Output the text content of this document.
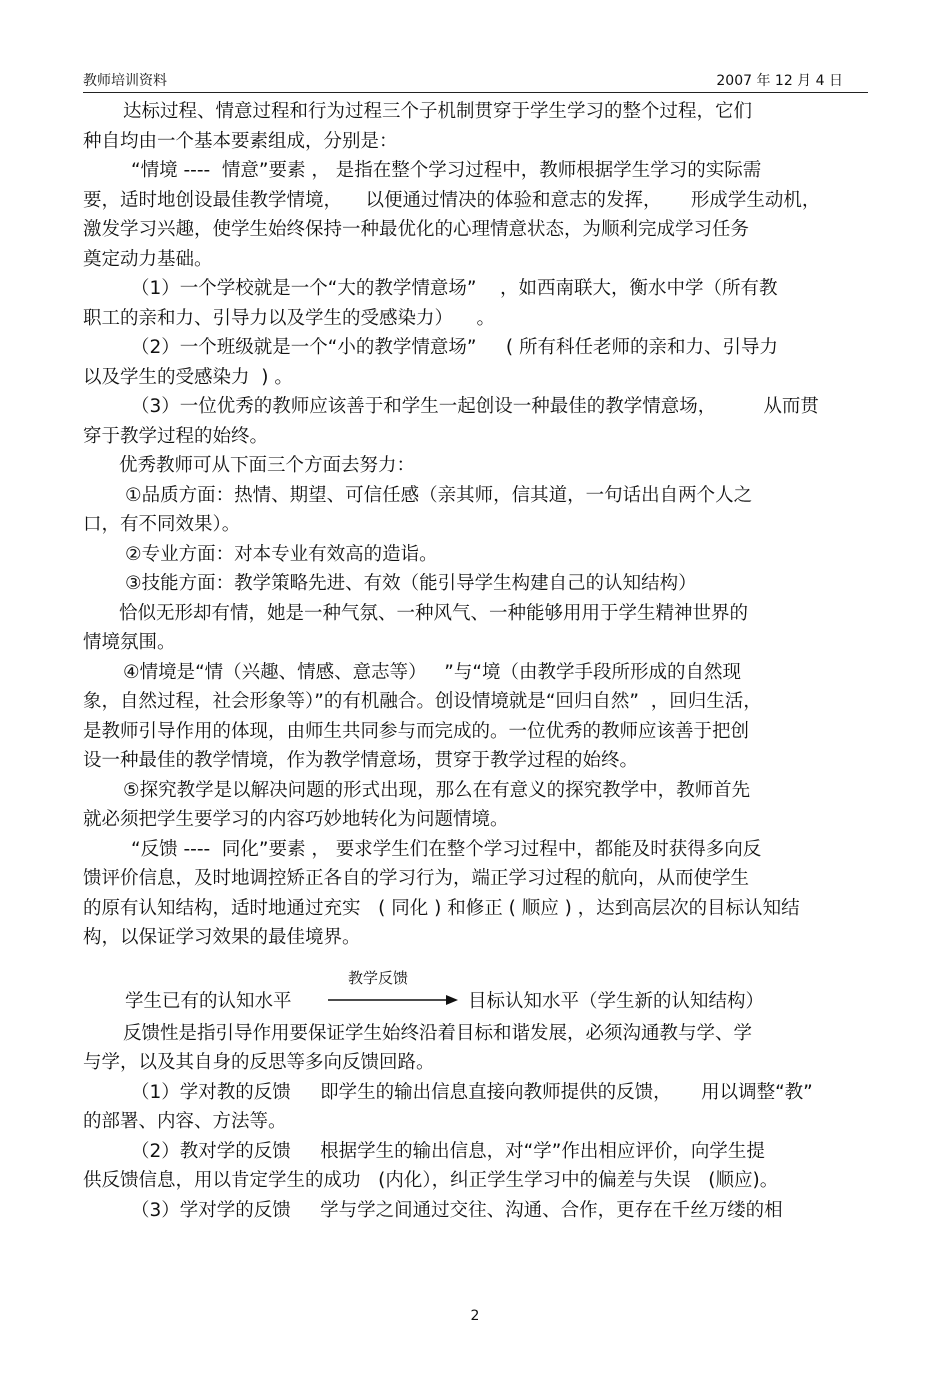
教师培训资料	2007 年 12 月 4 日
达标过程、情意过程和行为过程三个子机制贯穿于学生学习的整个过程，它们
种自均由一个基本要素组成，分别是：
“情境 ----  情意”要素 ， 是指在整个学习过程中，教师根据学生学习的实际需
要，适时地创设最佳教学情境，    以便通过情决的体验和意志的发挥，     形成学生动机，
激发学习兴趣，使学生始终保持一种最优化的心理情意状态，为顺利完成学习任务
奠定动力基础。
（1）一个学校就是一个“大的教学情意场”    ，如西南联大，衡水中学（所有教
职工的亲和力、引导力以及学生的受感染力）    。
（2）一个班级就是一个“小的教学情意场”     ( 所有科任老师的亲和力、引导力
以及学生的受感染力  ) 。
（3）一位优秀的教师应该善于和学生一起创设一种最佳的教学情意场，        从而贯
穿于教学过程的始终。
优秀教师可从下面三个方面去努力：
①品质方面：热情、期望、可信任感（亲其师，信其道，一句话出自两个人之
口，有不同效果）。
②专业方面：对本专业有效高的造诣。
③技能方面：教学策略先进、有效（能引导学生构建自己的认知结构）
恰似无形却有情，她是一种气氛、一种风气、一种能够用用于学生精神世界的
情境氛围。
④情境是“情（兴趣、情感、意志等）   ”与“境（由教学手段所形成的自然现
象，自然过程，社会形象等）”的有机融合。创设情境就是“回归自然”  ，回归生活，
是教师引导作用的体现，由师生共同参与而完成的。一位优秀的教师应该善于把创
设一种最佳的教学情境，作为教学情意场，贯穿于教学过程的始终。
⑤探究教学是以解决问题的形式出现，那么在有意义的探究教学中，教师首先
就必须把学生要学习的内容巧妙地转化为问题情境。
“反馈 ----  同化”要素 ， 要求学生们在整个学习过程中，都能及时获得多向反
馈评价信息，及时地调控矫正各自的学习行为，端正学习过程的航向，从而使学生
的原有认知结构，适时地通过充实   ( 同化 ) 和修正 ( 顺应 ) ，达到高层次的目标认知结
构，以保证学习效果的最佳境界。
学生已有的认知水平
教学反馈
目标认知水平（学生新的认知结构）
反馈性是指引导作用要保证学生始终沿着目标和谐发展，必须沟通教与学、学
与学，以及其自身的反思等多向反馈回路。
（1）学对教的反馈     即学生的输出信息直接向教师提供的反馈，     用以调整“教”
的部署、内容、方法等。
（2）教对学的反馈     根据学生的输出信息，对“学”作出相应评价，向学生提
供反馈信息，用以肯定学生的成功   (内化），纠正学生学习中的偏差与失误   (顺应)。
（3）学对学的反馈     学与学之间通过交往、沟通、合作，更存在千丝万缕的相
2
